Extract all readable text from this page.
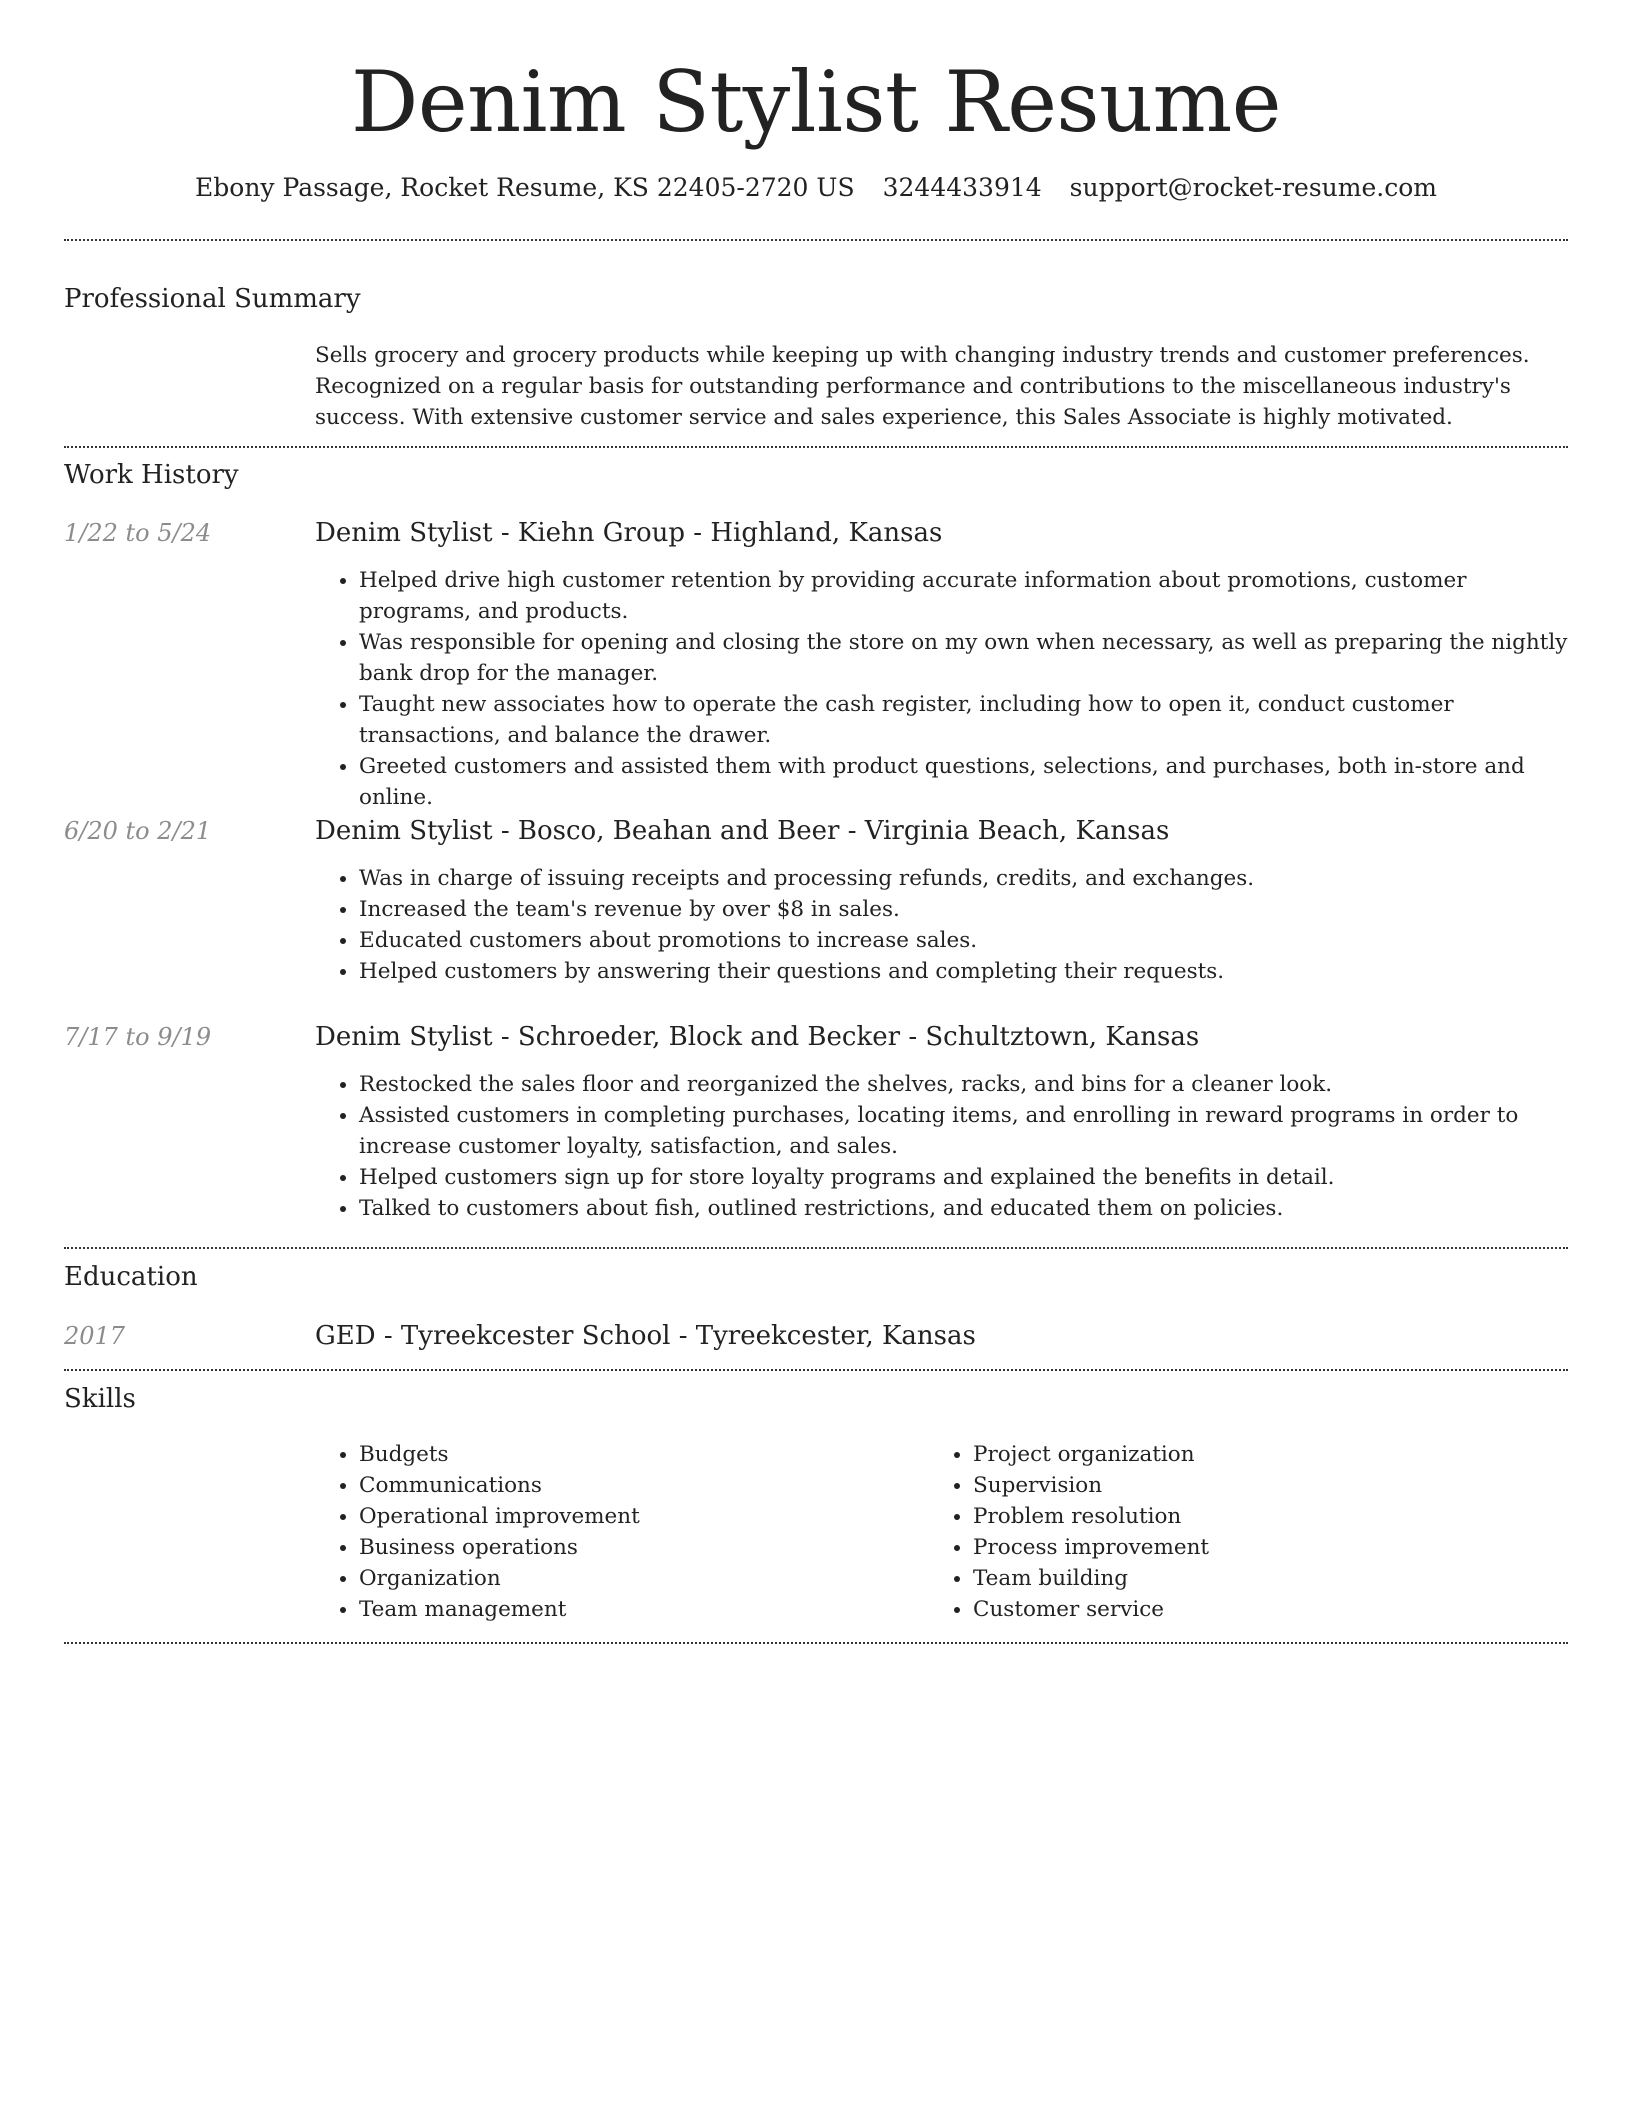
Denim Stylist Resume
Ebony Passage, Rocket Resume, KS 22405-2720 US 3244433914 support@rocket-resume.com
Professional Summary

Sells grocery and grocery products while keeping up with changing industry trends and customer preferences. Recognized on a regular basis for outstanding performance and contributions to the miscellaneous industry's success. With extensive customer service and sales experience, this Sales Associate is highly motivated.

Work History
1/22 to 5/24	Denim Stylist - Kiehn Group - Highland, Kansas
• Helped drive high customer retention by providing accurate information about promotions, customer programs, and products.
• Was responsible for opening and closing the store on my own when necessary, as well as preparing the nightly bank drop for the manager.
• Taught new associates how to operate the cash register, including how to open it, conduct customer transactions, and balance the drawer.
• Greeted customers and assisted them with product questions, selections, and purchases, both in-store and online.
6/20 to 2/21	Denim Stylist - Bosco, Beahan and Beer - Virginia Beach, Kansas
• Was in charge of issuing receipts and processing refunds, credits, and exchanges.
• Increased the team's revenue by over $8 in sales.
• Educated customers about promotions to increase sales.
• Helped customers by answering their questions and completing their requests.
7/17 to 9/19	Denim Stylist - Schroeder, Block and Becker - Schultztown, Kansas
• Restocked the sales floor and reorganized the shelves, racks, and bins for a cleaner look.
• Assisted customers in completing purchases, locating items, and enrolling in reward programs in order to increase customer loyalty, satisfaction, and sales.
• Helped customers sign up for store loyalty programs and explained the benefits in detail.
• Talked to customers about fish, outlined restrictions, and educated them on policies.
Education
2017	GED - Tyreekcester School - Tyreekcester, Kansas
Skills
• Budgets
• Communications
• Operational improvement
• Business operations
• Organization
• Team management
• Project organization
• Supervision
• Problem resolution
• Process improvement
• Team building
• Customer service
